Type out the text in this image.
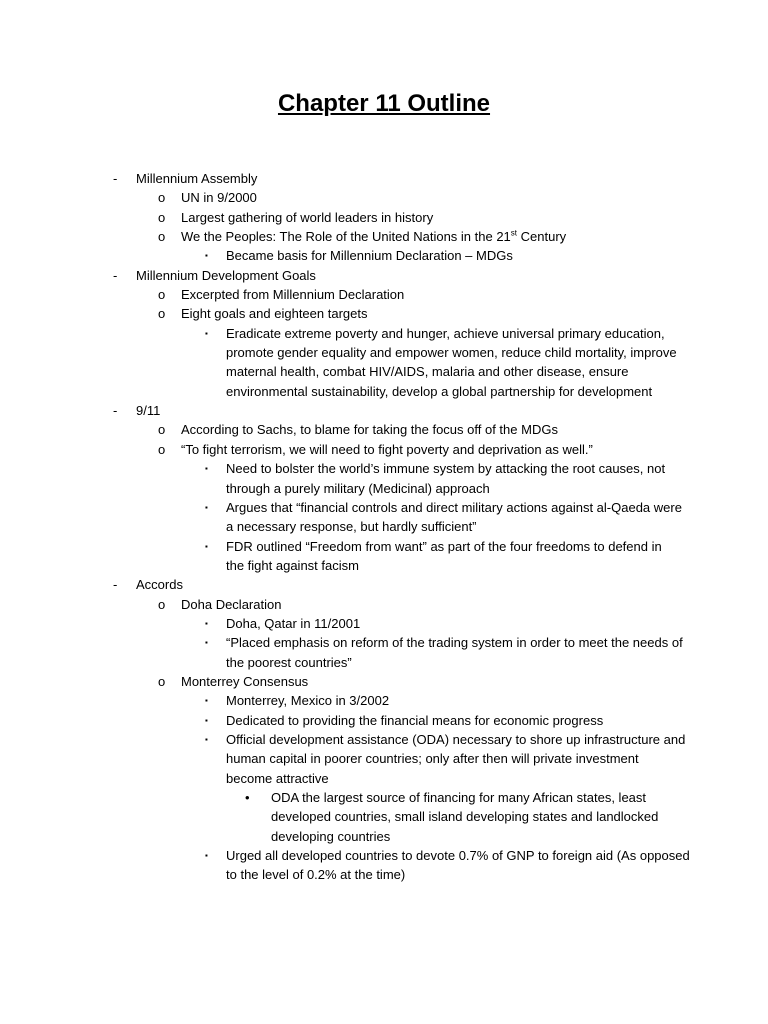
Chapter 11 Outline
- Millennium Assembly
o UN in 9/2000
o Largest gathering of world leaders in history
o We the Peoples: The Role of the United Nations in the 21st Century
▪ Became basis for Millennium Declaration – MDGs
- Millennium Development Goals
o Excerpted from Millennium Declaration
o Eight goals and eighteen targets
▪ Eradicate extreme poverty and hunger, achieve universal primary education,
promote gender equality and empower women, reduce child mortality, improve
maternal health, combat HIV/AIDS, malaria and other disease, ensure
environmental sustainability, develop a global partnership for development
- 9/11
o According to Sachs, to blame for taking the focus off of the MDGs
o “To fight terrorism, we will need to fight poverty and deprivation as well.”
▪ Need to bolster the world’s immune system by attacking the root causes, not
through a purely military (Medicinal) approach
▪ Argues that “financial controls and direct military actions against al-Qaeda were
a necessary response, but hardly sufficient”
▪ FDR outlined “Freedom from want” as part of the four freedoms to defend in
the fight against facism
- Accords
o Doha Declaration
▪ Doha, Qatar in 11/2001
▪ “Placed emphasis on reform of the trading system in order to meet the needs of
the poorest countries”
o Monterrey Consensus
▪ Monterrey, Mexico in 3/2002
▪ Dedicated to providing the financial means for economic progress
▪ Official development assistance (ODA) necessary to shore up infrastructure and
human capital in poorer countries; only after then will private investment
become attractive
• ODA the largest source of financing for many African states, least
developed countries, small island developing states and landlocked
developing countries
▪ Urged all developed countries to devote 0.7% of GNP to foreign aid (As opposed
to the level of 0.2% at the time)
